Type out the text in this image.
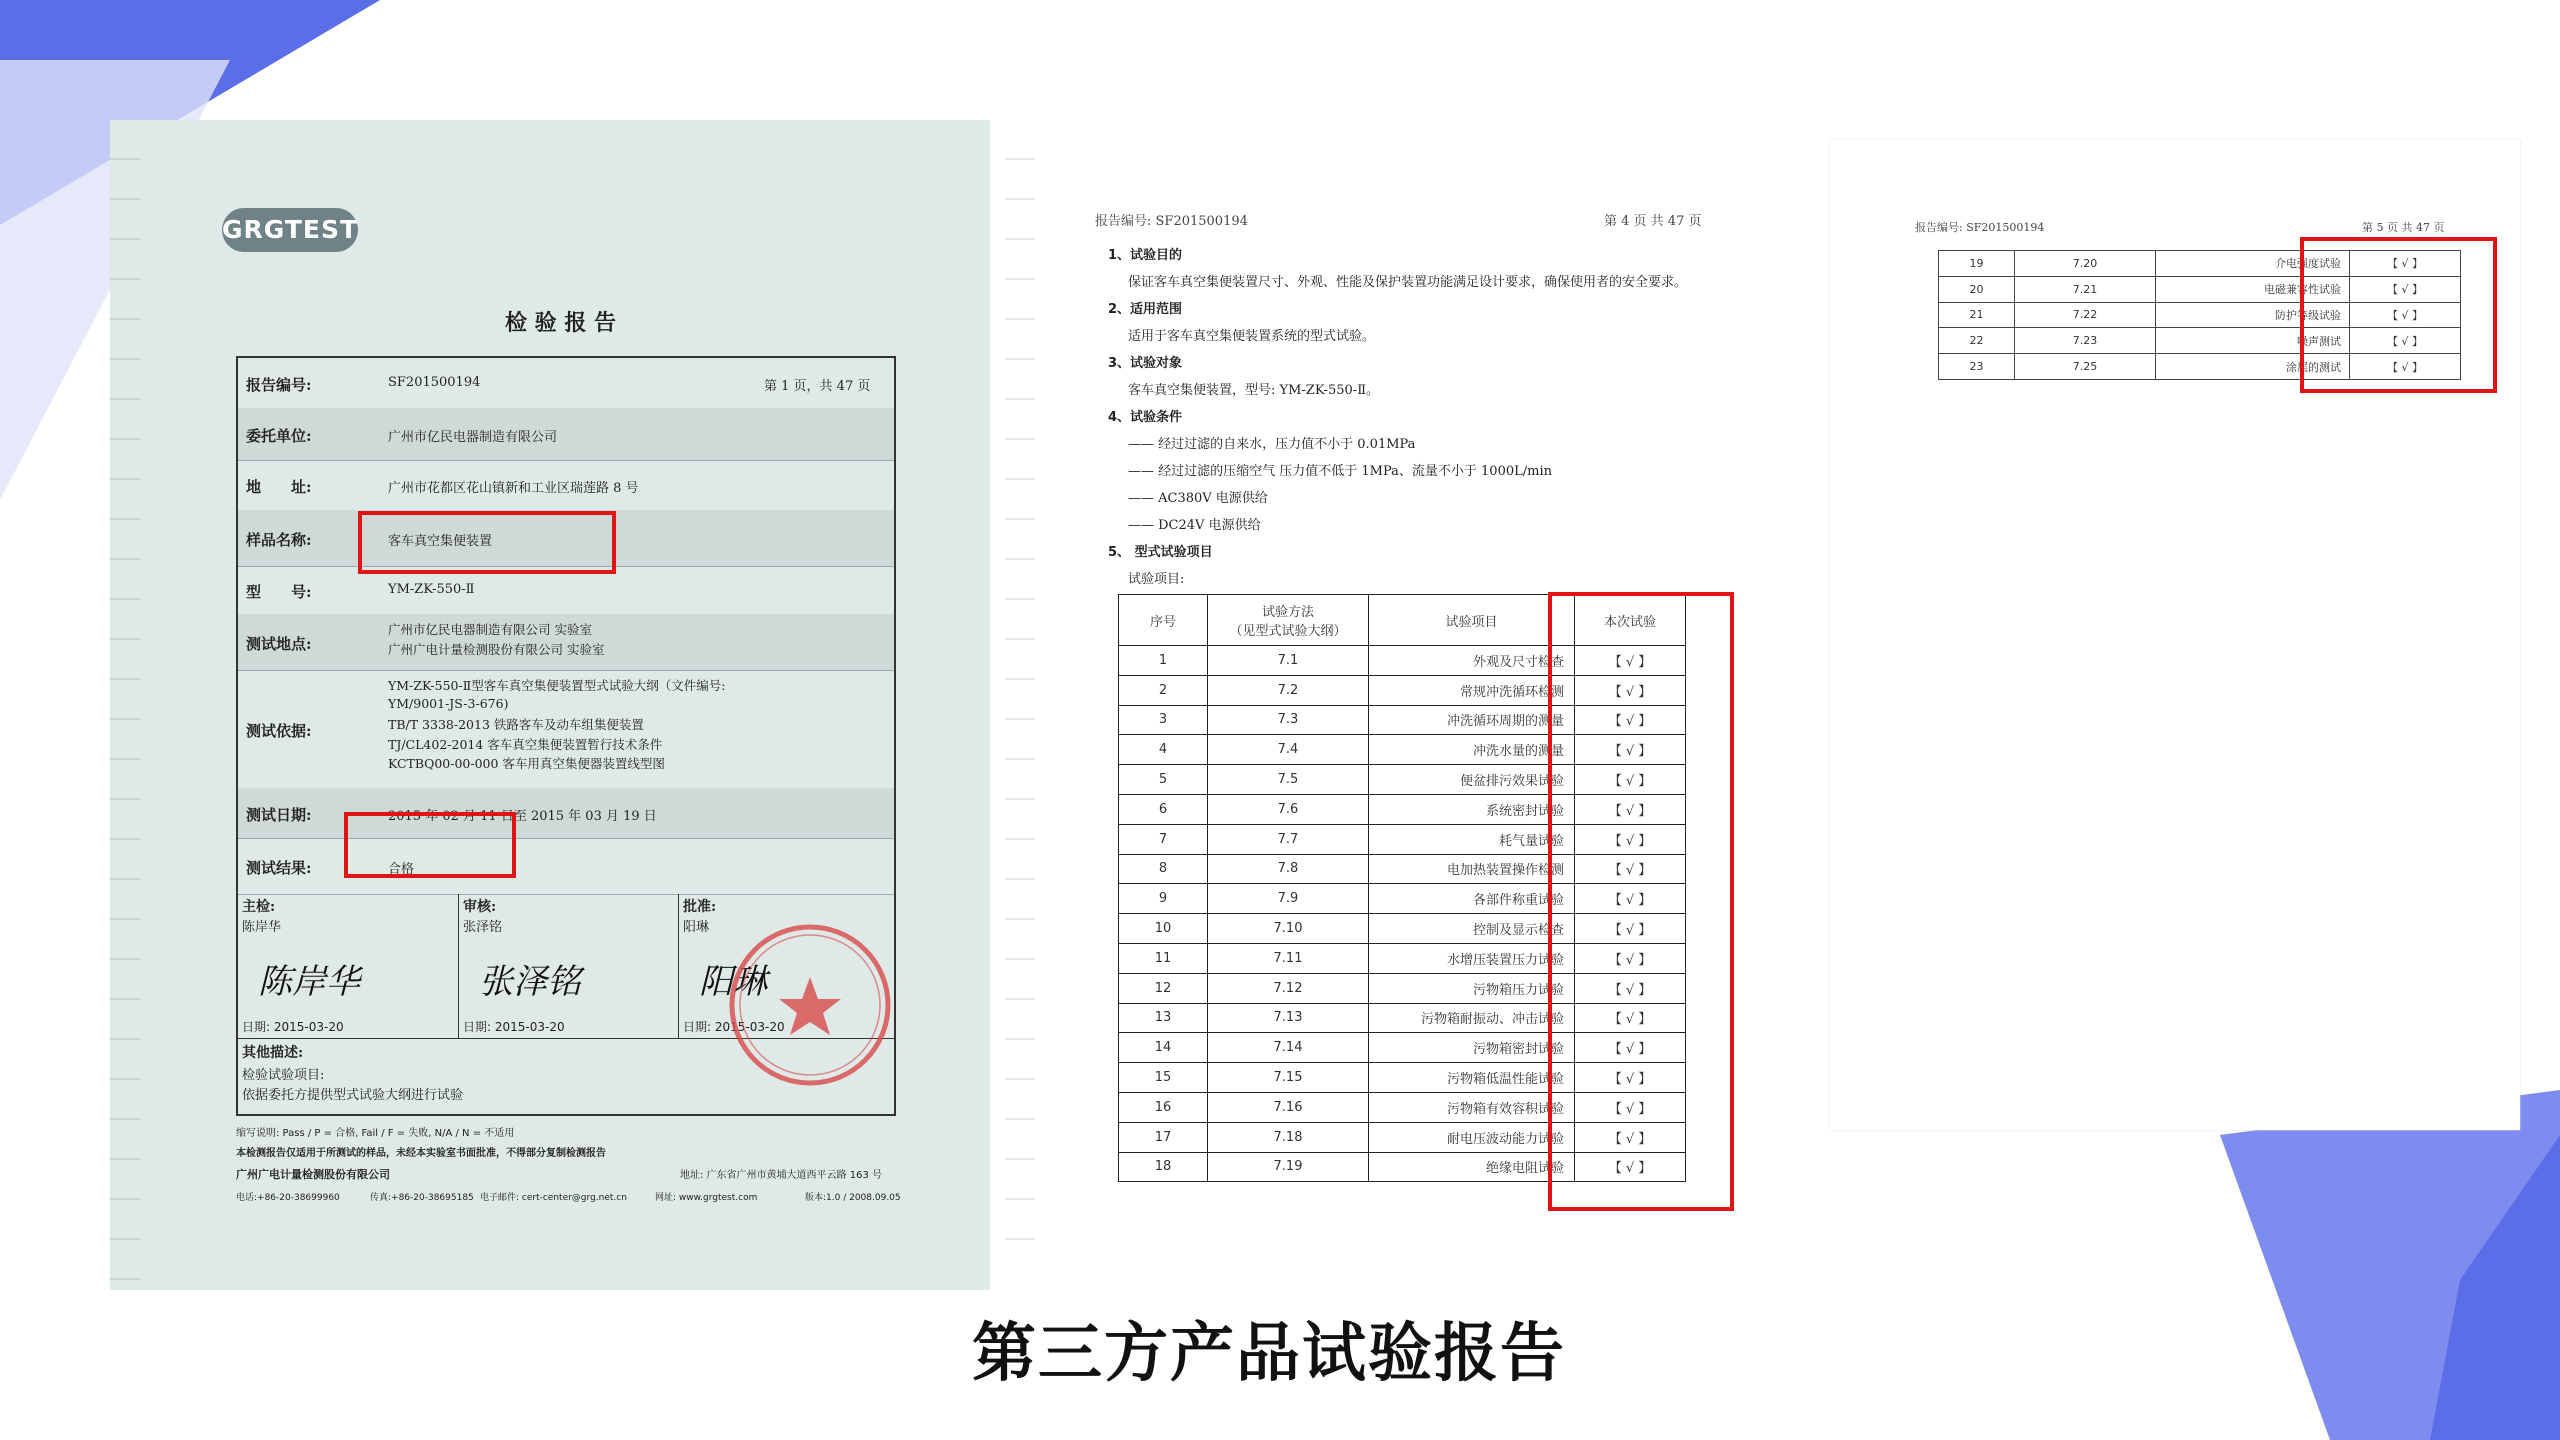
报告编号: SF201500194	第 5 页 共 47 页
19	7.20	介电强度试验	【 √ 】
20	7.21	电磁兼容性试验	【 √ 】
21	7.22	防护等级试验	【 √ 】
22	7.23	噪声测试	【 √ 】
23	7.25	涂层的测试	【 √ 】
报告编号: SF201500194	第 4 页 共 47 页
1、试验目的
保证客车真空集便装置尺寸、外观、性能及保护装置功能满足设计要求，确保使用者的安全要求。
2、适用范围
适用于客车真空集便装置系统的型式试验。
3、试验对象
客车真空集便装置，型号: YM-ZK-550-Ⅱ。
4、试验条件
—— 经过过滤的自来水，压力值不小于 0.01MPa
—— 经过过滤的压缩空气 压力值不低于 1MPa、流量不小于 1000L/min
—— AC380V 电源供给
—— DC24V 电源供给
5、 型式试验项目
试验项目:
序号	试验方法
（见型式试验大纲）	试验项目	本次试验
1	7.1	外观及尺寸检查	【 √ 】
2	7.2	常规冲洗循环检测	【 √ 】
3	7.3	冲洗循环周期的测量	【 √ 】
4	7.4	冲洗水量的测量	【 √ 】
5	7.5	便盆排污效果试验	【 √ 】
6	7.6	系统密封试验	【 √ 】
7	7.7	耗气量试验	【 √ 】
8	7.8	电加热装置操作检测	【 √ 】
9	7.9	各部件称重试验	【 √ 】
10	7.10	控制及显示检查	【 √ 】
11	7.11	水增压装置压力试验	【 √ 】
12	7.12	污物箱压力试验	【 √ 】
13	7.13	污物箱耐振动、冲击试验	【 √ 】
14	7.14	污物箱密封试验	【 √ 】
15	7.15	污物箱低温性能试验	【 √ 】
16	7.16	污物箱有效容积试验	【 √ 】
17	7.18	耐电压波动能力试验	【 √ 】
18	7.19	绝缘电阻试验	【 √ 】
GRGTEST
检 验 报 告
报告编号:	SF201500194	第 1 页，共 47 页
委托单位:	广州市亿民电器制造有限公司
地　　址:	广州市花都区花山镇新和工业区瑞莲路 8 号
样品名称:	客车真空集便装置
型　　号:	YM-ZK-550-Ⅱ
测试地点:
广州市亿民电器制造有限公司 实验室
广州广电计量检测股份有限公司 实验室
测试依据:
YM-ZK-550-Ⅱ型客车真空集便装置型式试验大纲（文件编号:
YM/9001-JS-3-676)
TB/T 3338-2013 铁路客车及动车组集便装置
TJ/CL402-2014 客车真空集便装置暂行技术条件
KCTBQ00-00-000 客车用真空集便器装置线型图
测试日期:	2015 年 02 月 11 日至 2015 年 03 月 19 日
测试结果:	合格
主检:
陈岸华
陈岸华
日期: 2015-03-20
审核:
张泽铭
张泽铭
日期: 2015-03-20
批准:
阳琳
阳琳
日期: 2015-03-20
其他描述:
检验试验项目:
依据委托方提供型式试验大纲进行试验
缩写说明: Pass / P = 合格, Fail / F = 失败, N/A / N = 不适用
本检测报告仅适用于所测试的样品，未经本实验室书面批准，不得部分复制检测报告
广州广电计量检测股份有限公司	地址: 广东省广州市黄埔大道西平云路 163 号
电话:+86-20-38699960	传真:+86-20-38695185 电子邮件: cert-center@grg.net.cn	网址: www.grgtest.com	版本:1.0 / 2008.09.05
第三方产品试验报告
